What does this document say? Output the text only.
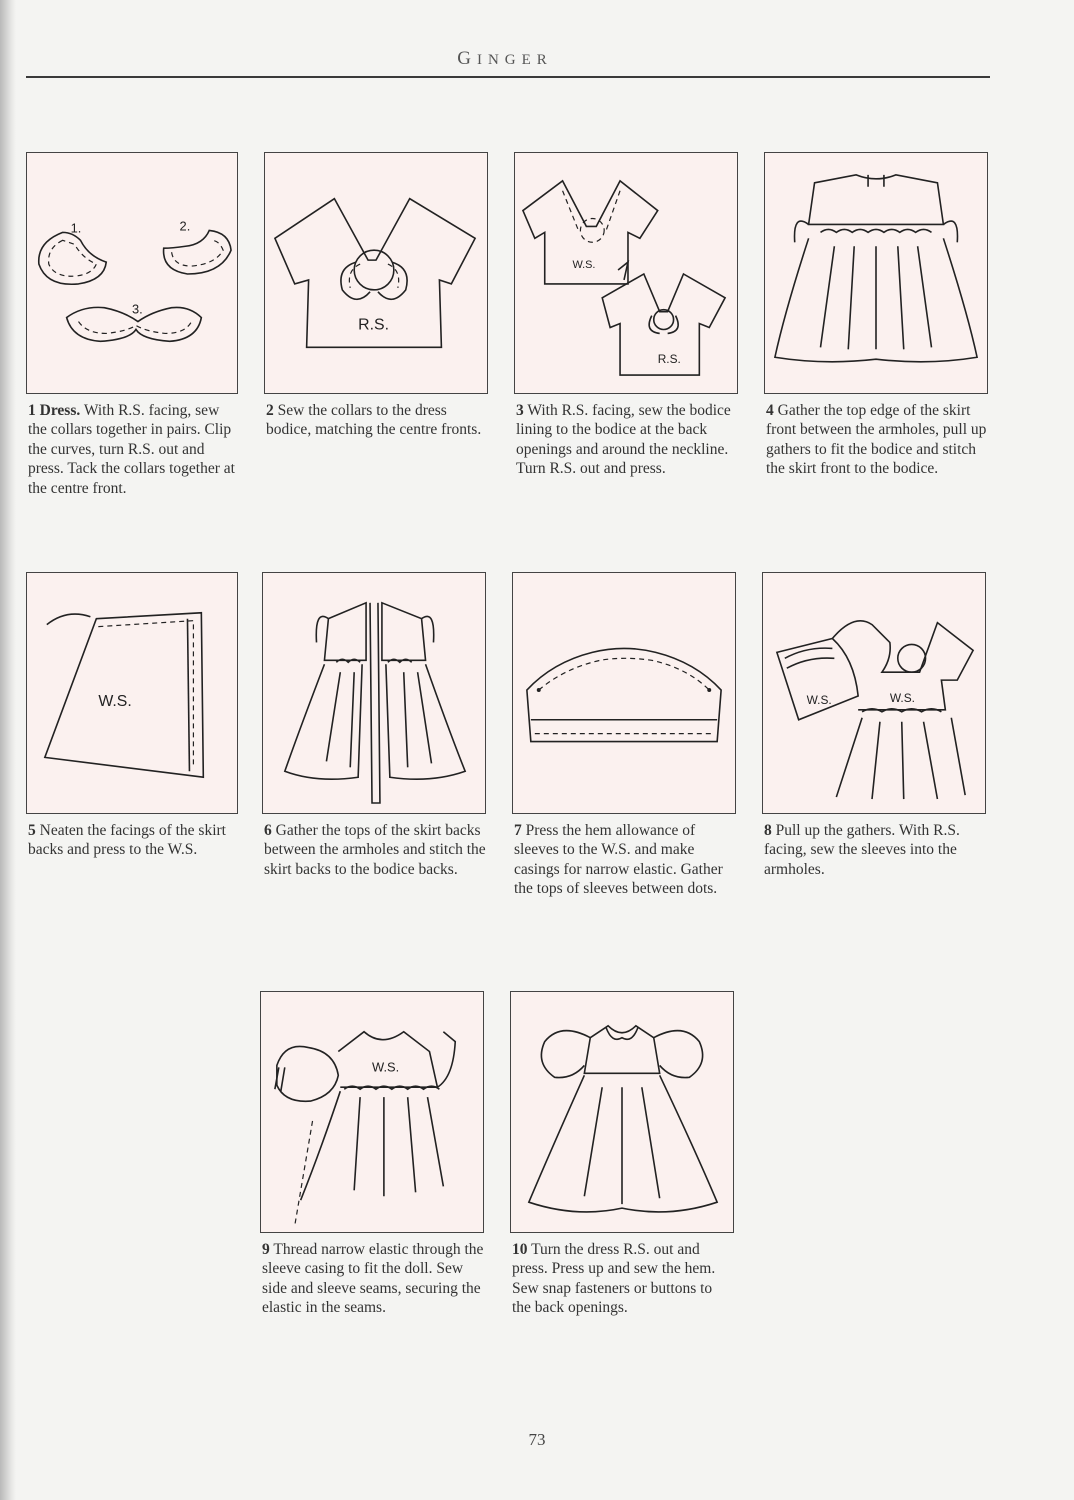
GINGER
1.	2.
3.
1 Dress. With R.S. facing, sew the collars together in pairs. Clip the curves, turn R.S. out and press. Tack the collars together at the centre front.
R.S.
2 Sew the collars to the dress bodice, matching the centre fronts.
W.S.
R.S.
3 With R.S. facing, sew the bodice lining to the bodice at the back openings and around the neckline. Turn R.S. out and press.
4 Gather the top edge of the skirt front between the armholes, pull up gathers to fit the bodice and stitch the skirt front to the bodice.
W.S.
5 Neaten the facings of the skirt backs and press to the W.S.
6 Gather the tops of the skirt backs between the armholes and stitch the skirt backs to the bodice backs.
7 Press the hem allowance of sleeves to the W.S. and make casings for narrow elastic. Gather the tops of sleeves between dots.
W.S.	W.S.
8 Pull up the gathers. With R.S. facing, sew the sleeves into the armholes.
W.S.
9 Thread narrow elastic through the sleeve casing to fit the doll. Sew side and sleeve seams, securing the elastic in the seams.
10 Turn the dress R.S. out and press. Press up and sew the hem. Sew snap fasteners or buttons to the back openings.
73
